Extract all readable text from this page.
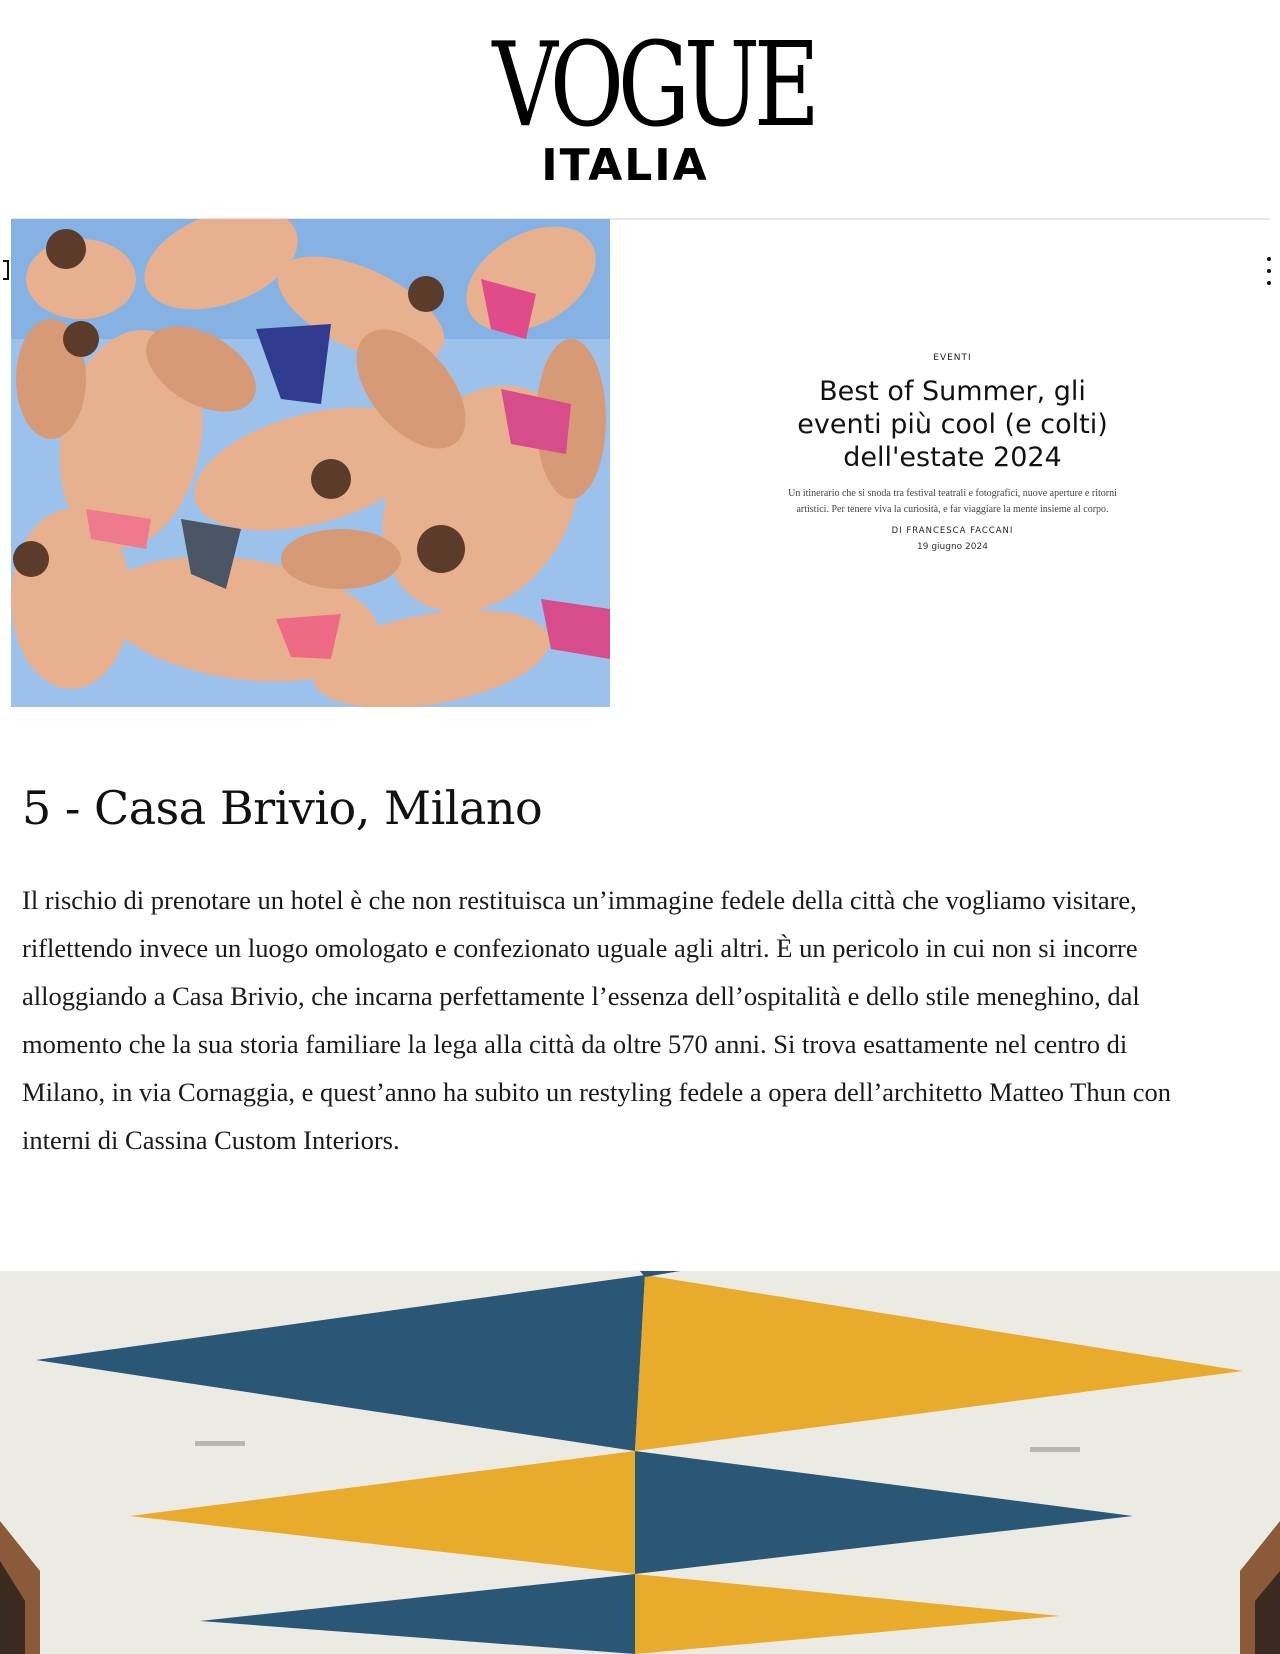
VOGUE
ITALIA
EVENTI
Best of Summer, gli eventi più cool (e colti) dell'estate 2024
Un itinerario che si snoda tra festival teatrali e fotografici, nuove aperture e ritorni artistici. Per tenere viva la curiosità, e far viaggiare la mente insieme al corpo.
DI FRANCESCA FACCANI
19 giugno 2024
5 - Casa Brivio, Milano

Il rischio di prenotare un hotel è che non restituisca un’immagine fedele della città che vogliamo visitare, riflettendo invece un luogo omologato e confezionato uguale agli altri. È un pericolo in cui non si incorre alloggiando a Casa Brivio, che incarna perfettamente l’essenza dell’ospitalità e dello stile meneghino, dal momento che la sua storia familiare la lega alla città da oltre 570 anni. Si trova esattamente nel centro di Milano, in via Cornaggia, e quest’anno ha subito un restyling fedele a opera dell’architetto Matteo Thun con interni di Cassina Custom Interiors.
